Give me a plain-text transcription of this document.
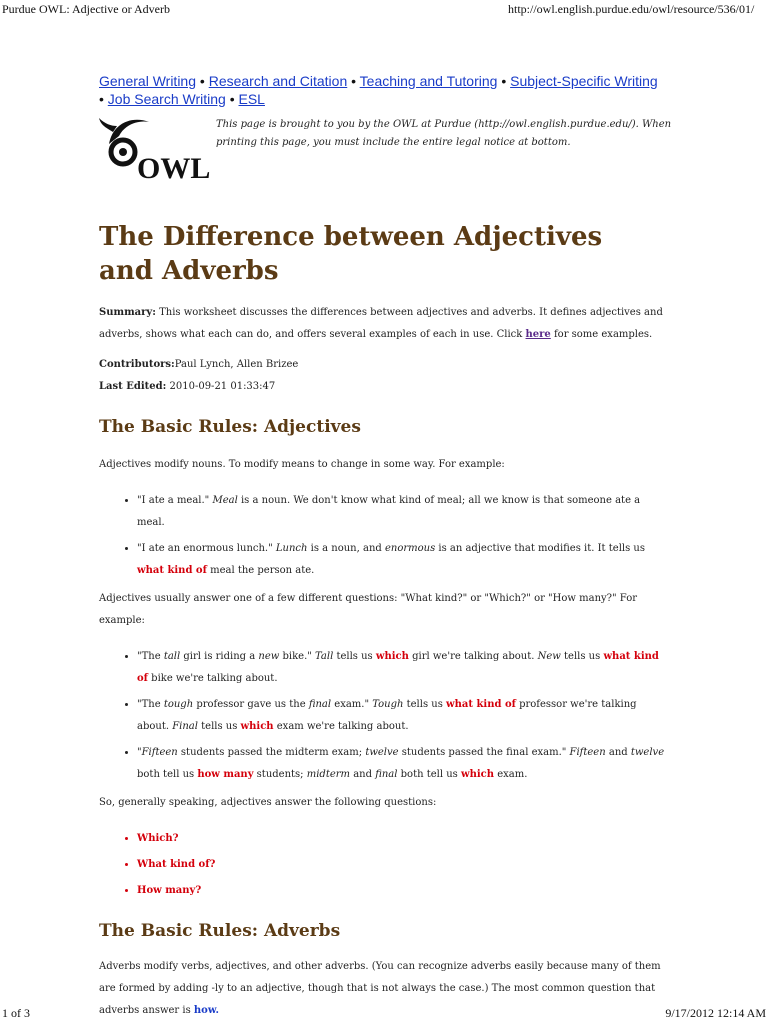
Purdue OWL: Adjective or Adverb	http://owl.english.purdue.edu/owl/resource/536/01/
General Writing • Research and Citation • Teaching and Tutoring • Subject-Specific Writing • Job Search Writing • ESL
OWL
This page is brought to you by the OWL at Purdue (http://owl.english.purdue.edu/). When printing this page, you must include the entire legal notice at bottom.
The Difference between Adjectives and Adverbs

Summary: This worksheet discusses the differences between adjectives and adverbs. It defines adjectives and adverbs, shows what each can do, and offers several examples of each in use. Click here for some examples.

Contributors:Paul Lynch, Allen Brizee

Last Edited: 2010-09-21 01:33:47

The Basic Rules: Adjectives

Adjectives modify nouns. To modify means to change in some way. For example:

• "I ate a meal." Meal is a noun. We don't know what kind of meal; all we know is that someone ate a meal.
• "I ate an enormous lunch." Lunch is a noun, and enormous is an adjective that modifies it. It tells us what kind of meal the person ate.

Adjectives usually answer one of a few different questions: "What kind?" or "Which?" or "How many?" For example:

• "The tall girl is riding a new bike." Tall tells us which girl we're talking about. New tells us what kind of bike we're talking about.
• "The tough professor gave us the final exam." Tough tells us what kind of professor we're talking about. Final tells us which exam we're talking about.
• "Fifteen students passed the midterm exam; twelve students passed the final exam." Fifteen and twelve both tell us how many students; midterm and final both tell us which exam.

So, generally speaking, adjectives answer the following questions:

• Which?
• What kind of?
• How many?
The Basic Rules: Adverbs

Adverbs modify verbs, adjectives, and other adverbs. (You can recognize adverbs easily because many of them are formed by adding -ly to an adjective, though that is not always the case.) The most common question that adverbs answer is how.

1 of 3	9/17/2012 12:14 AM
